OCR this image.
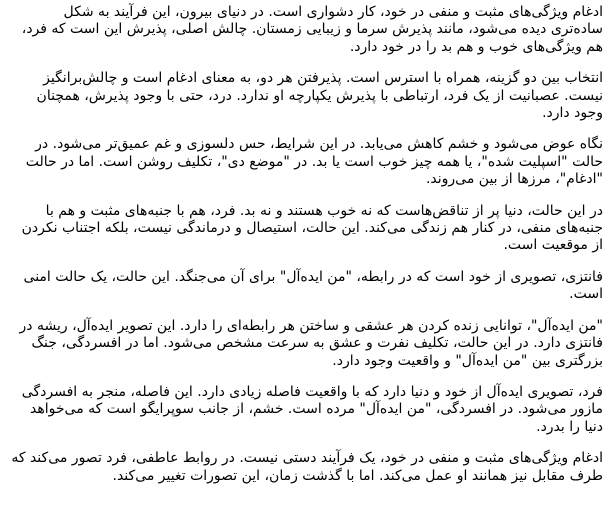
ادغام ویژگی‌های مثبت و منفی در خود، کار دشواری است. در دنیای بیرون، این فرآیند به شکل ساده‌تری دیده می‌شود، مانند پذیرش سرما و زیبایی زمستان. چالش اصلی، پذیرش این است که فرد، هم ویژگی‌های خوب و هم بد را در خود دارد.

انتخاب بین دو گزینه، همراه با استرس است. پذیرفتن هر دو، به معنای ادغام است و چالش‌برانگیز نیست. عصبانیت از یک فرد، ارتباطی با پذیرش یکپارچه او ندارد. درد، حتی با وجود پذیرش، همچنان وجود دارد.

نگاه عوض می‌شود و خشم کاهش می‌یابد. در این شرایط، حس دلسوزی و غم عمیق‌تر می‌شود. در حالت "اسپلیت شده"، یا همه چیز خوب است یا بد. در "موضع دی"، تکلیف روشن است. اما در حالت "ادغام"، مرزها از بین می‌روند.

در این حالت، دنیا پر از تناقض‌هاست که نه خوب هستند و نه بد. فرد، هم با جنبه‌های مثبت و هم با جنبه‌های منفی، در کنار هم زندگی می‌کند. این حالت، استیصال و درماندگی نیست، بلکه اجتناب نکردن از موقعیت است.

فانتزی، تصویری از خود است که در رابطه، "من ایده‌آل" برای آن می‌جنگد. این حالت، یک حالت امنی است.

"من ایده‌آل"، توانایی زنده کردن هر عشقی و ساختن هر رابطه‌ای را دارد. این تصویر ایده‌آل، ریشه در فانتزی دارد. در این حالت، تکلیف نفرت و عشق به سرعت مشخص می‌شود. اما در افسردگی، جنگ بزرگتری بین "من ایده‌آل" و واقعیت وجود دارد.

فرد، تصویری ایده‌آل از خود و دنیا دارد که با واقعیت فاصله زیادی دارد. این فاصله، منجر به افسردگی مازور می‌شود. در افسردگی، "من ایده‌آل" مرده است. خشم، از جانب سوپرایگو است که می‌خواهد دنیا را بدرد.

ادغام ویژگی‌های مثبت و منفی در خود، یک فرآیند دستی نیست. در روابط عاطفی، فرد تصور می‌کند که طرف مقابل نیز همانند او عمل می‌کند. اما با گذشت زمان، این تصورات تغییر می‌کند.
